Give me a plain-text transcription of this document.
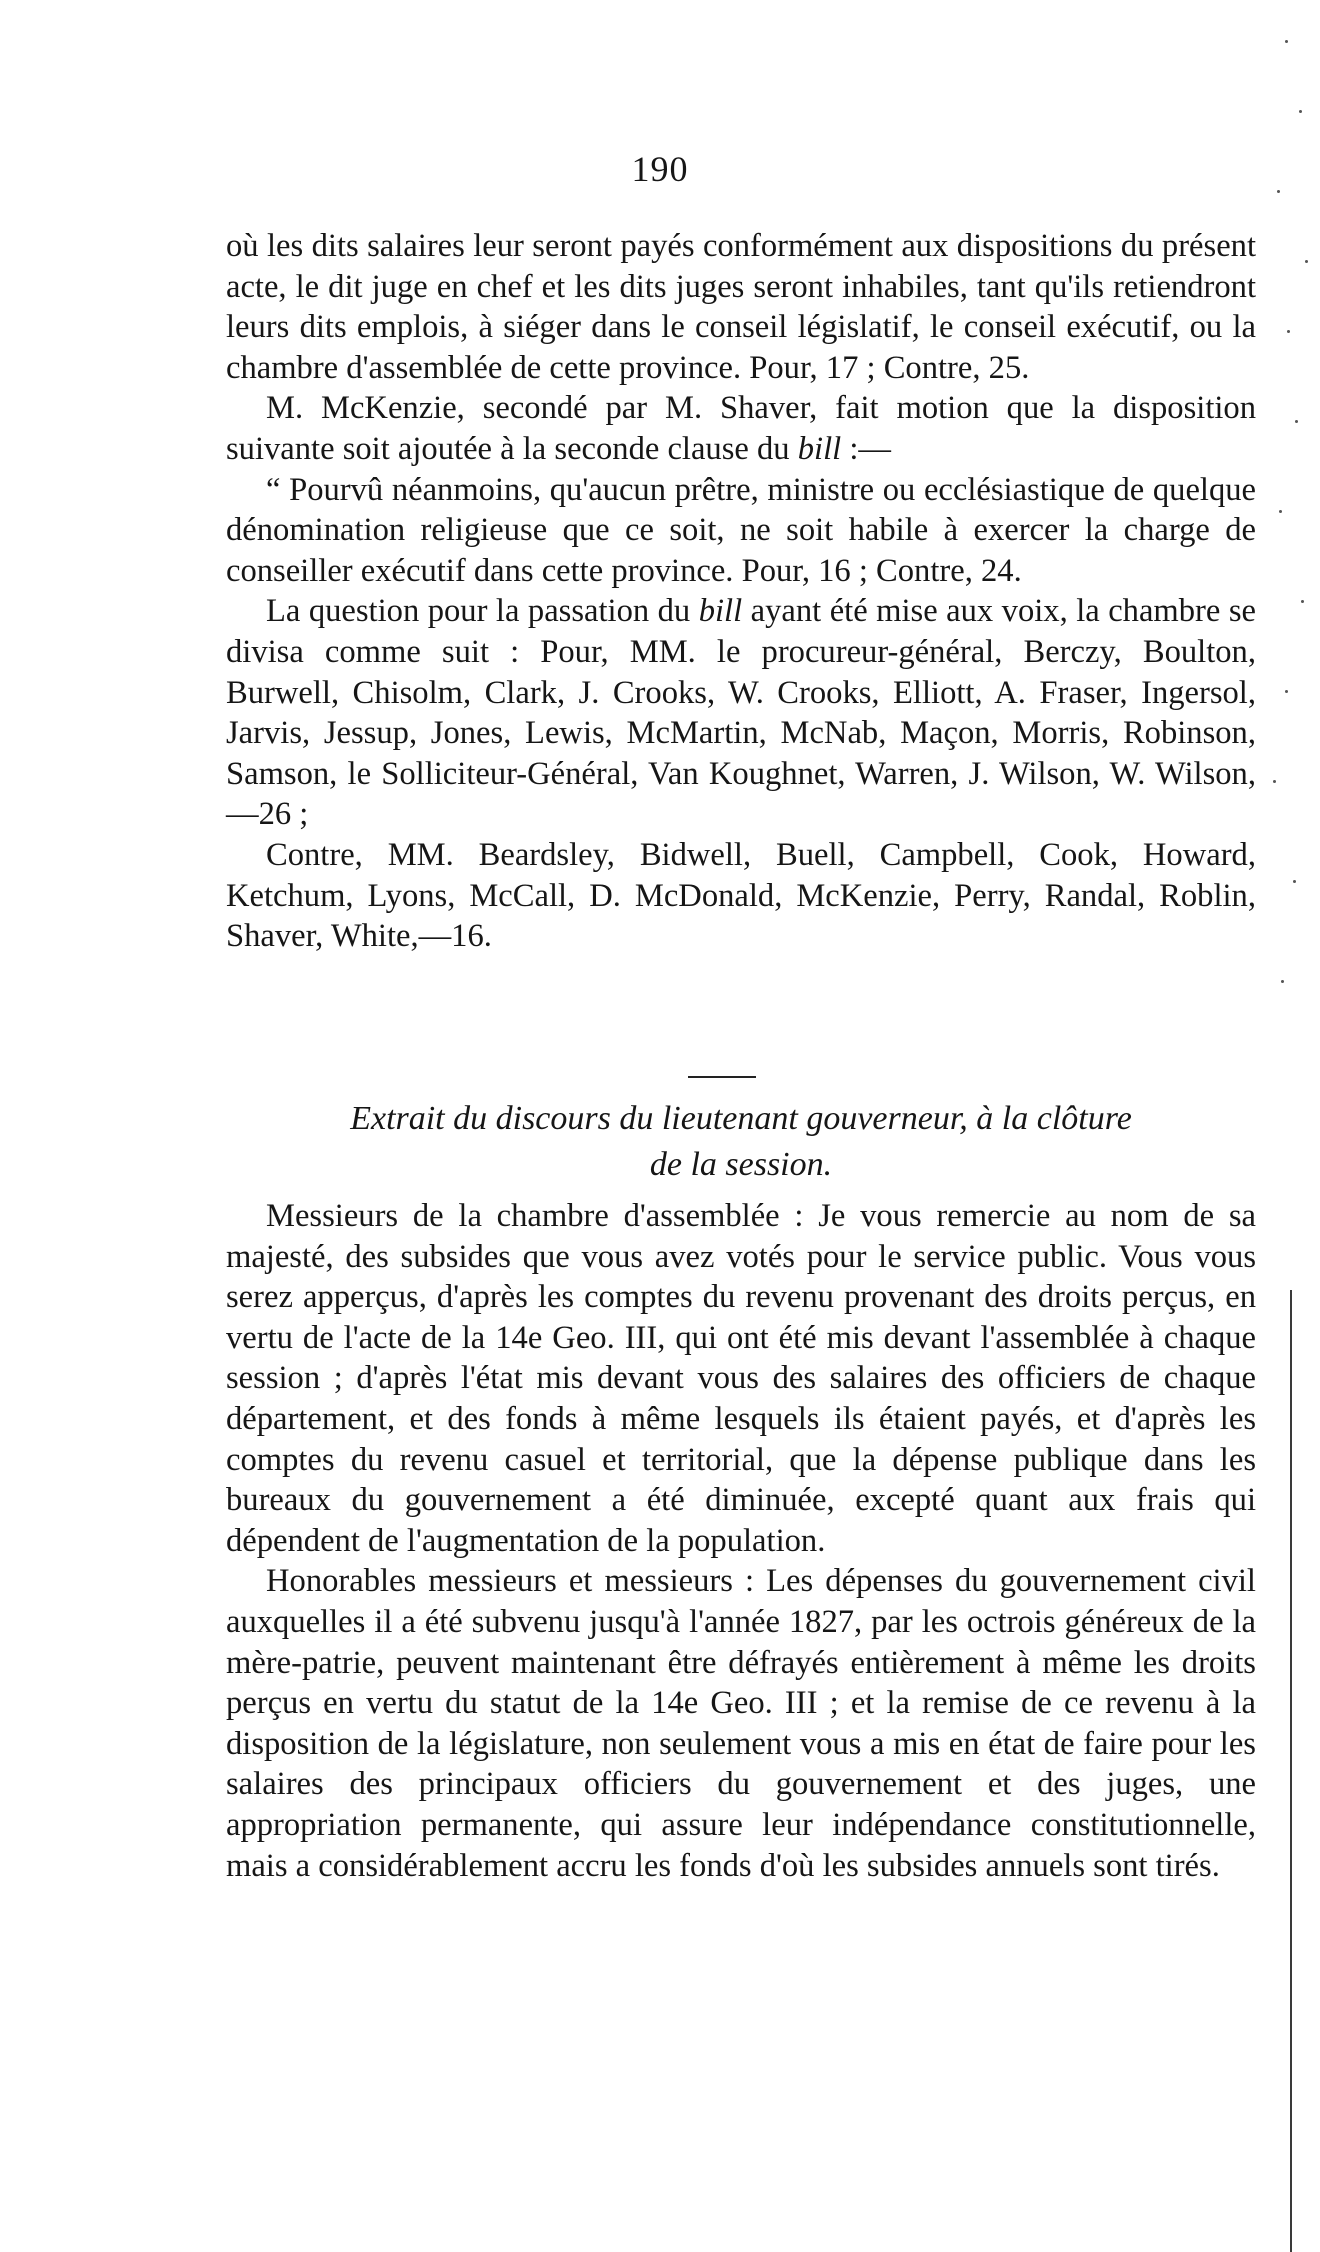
190

où les dits salaires leur seront payés conformément aux dispositions du présent acte, le dit juge en chef et les dits juges seront inhabiles, tant qu'ils retiendront leurs dits emplois, à siéger dans le conseil législatif, le conseil exécutif, ou la chambre d'assemblée de cette province. Pour, 17 ; Contre, 25.

M. McKenzie, secondé par M. Shaver, fait motion que la disposition suivante soit ajoutée à la seconde clause du bill :—

“ Pourvû néanmoins, qu'aucun prêtre, ministre ou ecclésiastique de quelque dénomination religieuse que ce soit, ne soit habile à exercer la charge de conseiller exécutif dans cette province. Pour, 16 ; Contre, 24.

La question pour la passation du bill ayant été mise aux voix, la chambre se divisa comme suit : Pour, MM. le procureur-général, Berczy, Boulton, Burwell, Chisolm, Clark, J. Crooks, W. Crooks, Elliott, A. Fraser, Ingersol, Jarvis, Jessup, Jones, Lewis, McMartin, McNab, Maçon, Morris, Robinson, Samson, le Solliciteur-Général, Van Koughnet, Warren, J. Wilson, W. Wilson,—26 ;

Contre, MM. Beardsley, Bidwell, Buell, Campbell, Cook, Howard, Ketchum, Lyons, McCall, D. McDonald, McKenzie, Perry, Randal, Roblin, Shaver, White,—16.

Extrait du discours du lieutenant gouverneur, à la clôture
de la session.

Messieurs de la chambre d'assemblée : Je vous remercie au nom de sa majesté, des subsides que vous avez votés pour le service public. Vous vous serez apperçus, d'après les comptes du revenu provenant des droits perçus, en vertu de l'acte de la 14e Geo. III, qui ont été mis devant l'assemblée à chaque session ; d'après l'état mis devant vous des salaires des officiers de chaque département, et des fonds à même lesquels ils étaient payés, et d'après les comptes du revenu casuel et territorial, que la dépense publique dans les bureaux du gouvernement a été diminuée, excepté quant aux frais qui dépendent de l'augmentation de la population.

Honorables messieurs et messieurs : Les dépenses du gouvernement civil auxquelles il a été subvenu jusqu'à l'année 1827, par les octrois généreux de la mère-patrie, peuvent maintenant être défrayés entièrement à même les droits perçus en vertu du statut de la 14e Geo. III ; et la remise de ce revenu à la disposition de la législature, non seulement vous a mis en état de faire pour les salaires des principaux officiers du gouvernement et des juges, une appropriation permanente, qui assure leur indépendance constitutionnelle, mais a considérablement accru les fonds d'où les subsides annuels sont tirés.
